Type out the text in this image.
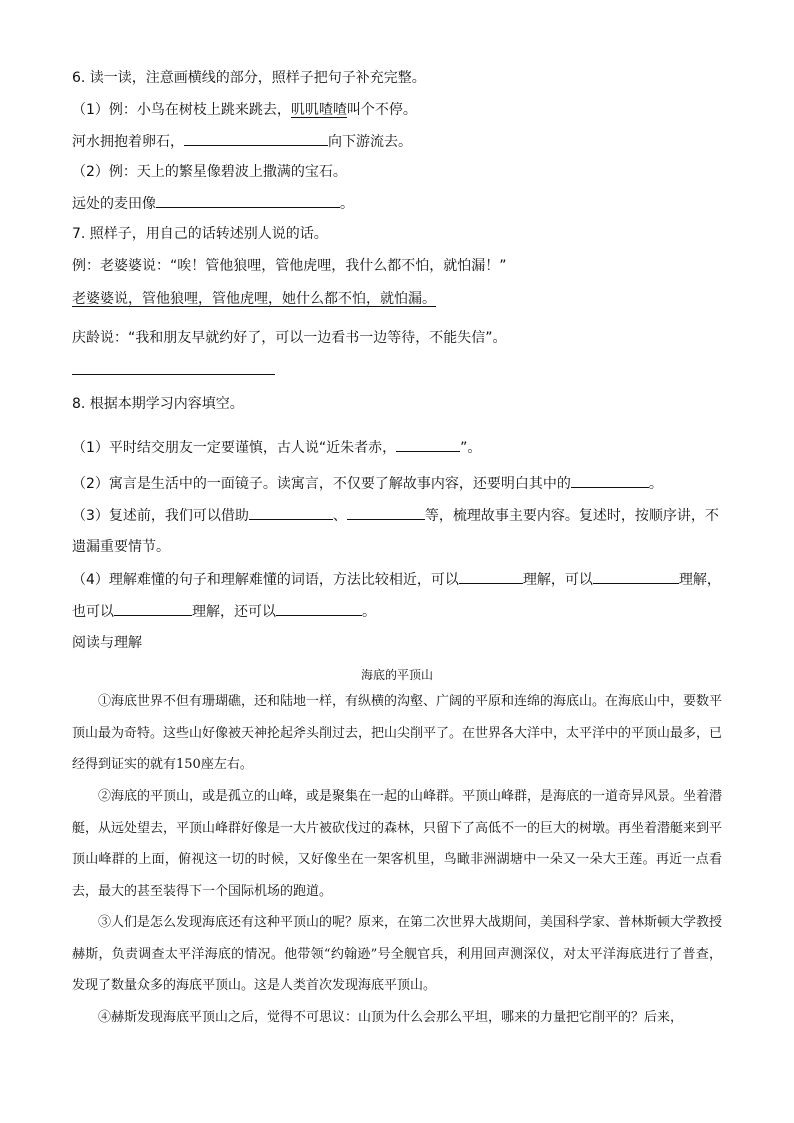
6. 读一读，注意画横线的部分，照样子把句子补充完整。
（1）例：小鸟在树枝上跳来跳去，叽叽喳喳叫个不停。
河水拥抱着卵石，	向下游流去。
（2）例：天上的繁星像碧波上撒满的宝石。
远处的麦田像	。
7. 照样子，用自己的话转述别人说的话。
例：老婆婆说：“唉！管他狼哩，管他虎哩，我什么都不怕，就怕漏！”
老婆婆说，管他狼哩，管他虎哩，她什么都不怕，就怕漏。
庆龄说：“我和朋友早就约好了，可以一边看书一边等待，不能失信”。
8. 根据本期学习内容填空。
（1）平时结交朋友一定要谨慎，古人说“近朱者赤，	”。
（2）寓言是生活中的一面镜子。读寓言，不仅要了解故事内容，还要明白其中的	。
（3）复述前，我们可以借助	、	等，梳理故事主要内容。复述时，按顺序讲，不
遗漏重要情节。
（4）理解难懂的句子和理解难懂的词语，方法比较相近，可以	理解，可以	理解，
也可以	理解，还可以	。
阅读与理解
海底的平顶山
①海底世界不但有珊瑚礁，还和陆地一样，有纵横的沟壑、广阔的平原和连绵的海底山。在海底山中，要数平顶山最为奇特。这些山好像被天神抡起斧头削过去，把山尖削平了。在世界各大洋中，太平洋中的平顶山最多，已经得到证实的就有150座左右。
②海底的平顶山，或是孤立的山峰，或是聚集在一起的山峰群。平顶山峰群，是海底的一道奇异风景。坐着潜艇，从远处望去，平顶山峰群好像是一大片被砍伐过的森林，只留下了高低不一的巨大的树墩。再坐着潜艇来到平顶山峰群的上面，俯视这一切的时候，又好像坐在一架客机里，鸟瞰非洲湖塘中一朵又一朵大王莲。再近一点看去，最大的甚至装得下一个国际机场的跑道。
③人们是怎么发现海底还有这种平顶山的呢？原来，在第二次世界大战期间，美国科学家、普林斯顿大学教授赫斯，负责调查太平洋海底的情况。他带领“约翰逊”号全舰官兵，利用回声测深仪，对太平洋海底进行了普查，发现了数量众多的海底平顶山。这是人类首次发现海底平顶山。
④赫斯发现海底平顶山之后，觉得不可思议：山顶为什么会那么平坦，哪来的力量把它削平的？后来，
